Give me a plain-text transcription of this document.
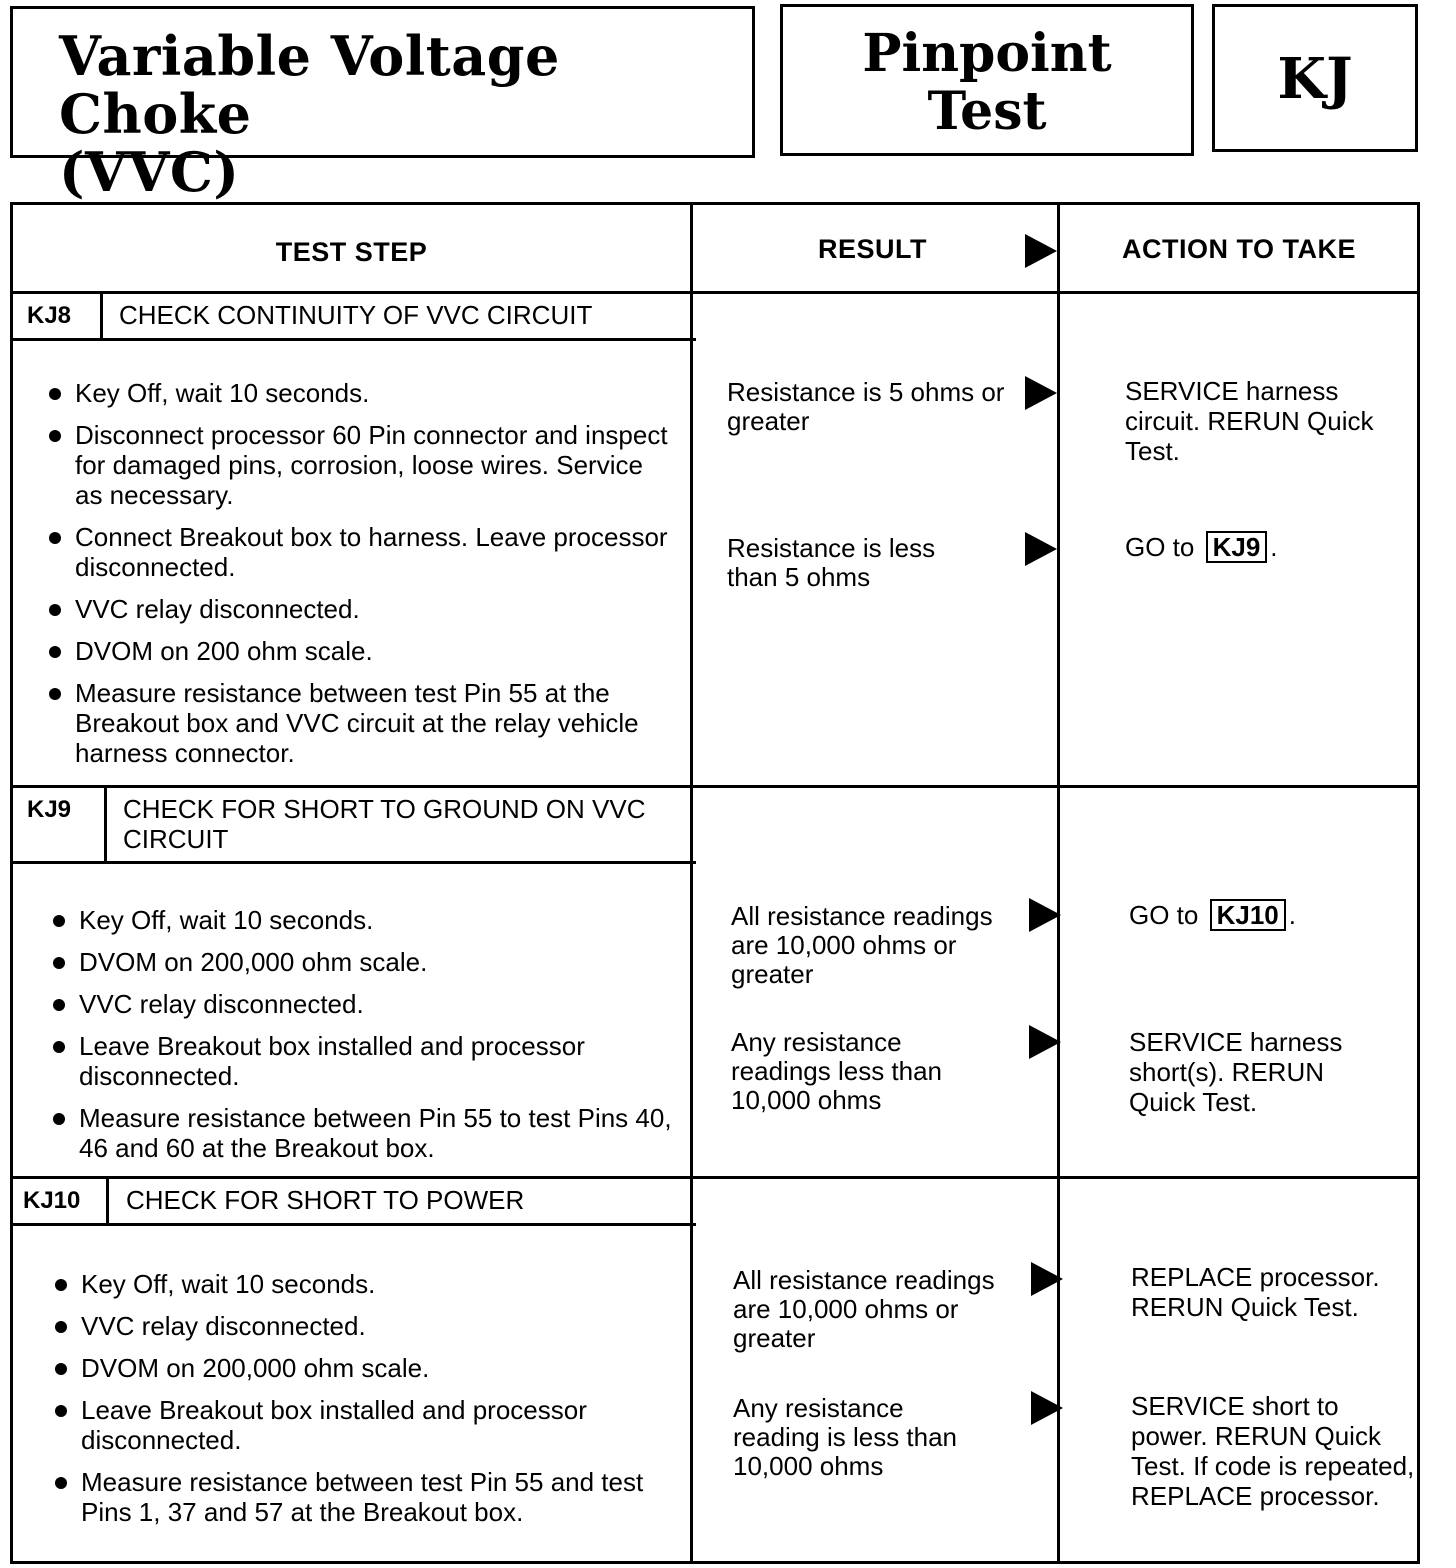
Variable Voltage Choke
(VVC)
Pinpoint
Test	KJ
TEST STEP	RESULT	ACTION TO TAKE
KJ8	CHECK CONTINUITY OF VVC CIRCUIT
Key Off, wait 10 seconds.
Disconnect processor 60 Pin connector and inspect for damaged pins, corrosion, loose wires. Service as necessary.
Connect Breakout box to harness. Leave processor disconnected.
VVC relay disconnected.
DVOM on 200 ohm scale.
Measure resistance between test Pin 55 at the Breakout box and VVC circuit at the relay vehicle harness connector.
Resistance is 5 ohms or greater
SERVICE harness circuit. RERUN Quick Test.
Resistance is less than 5 ohms
GO to KJ9 .
KJ9	CHECK FOR SHORT TO GROUND ON VVC CIRCUIT
Key Off, wait 10 seconds.
DVOM on 200,000 ohm scale.
VVC relay disconnected.
Leave Breakout box installed and processor disconnected.
Measure resistance between Pin 55 to test Pins 40, 46 and 60 at the Breakout box.
All resistance readings are 10,000 ohms or greater
GO to KJ10 .
Any resistance readings less than 10,000 ohms
SERVICE harness short(s). RERUN Quick Test.
KJ10	CHECK FOR SHORT TO POWER
Key Off, wait 10 seconds.
VVC relay disconnected.
DVOM on 200,000 ohm scale.
Leave Breakout box installed and processor disconnected.
Measure resistance between test Pin 55 and test Pins 1, 37 and 57 at the Breakout box.
All resistance readings are 10,000 ohms or greater
REPLACE processor. RERUN Quick Test.
Any resistance reading is less than 10,000 ohms
SERVICE short to power. RERUN Quick Test. If code is repeated, REPLACE processor.
